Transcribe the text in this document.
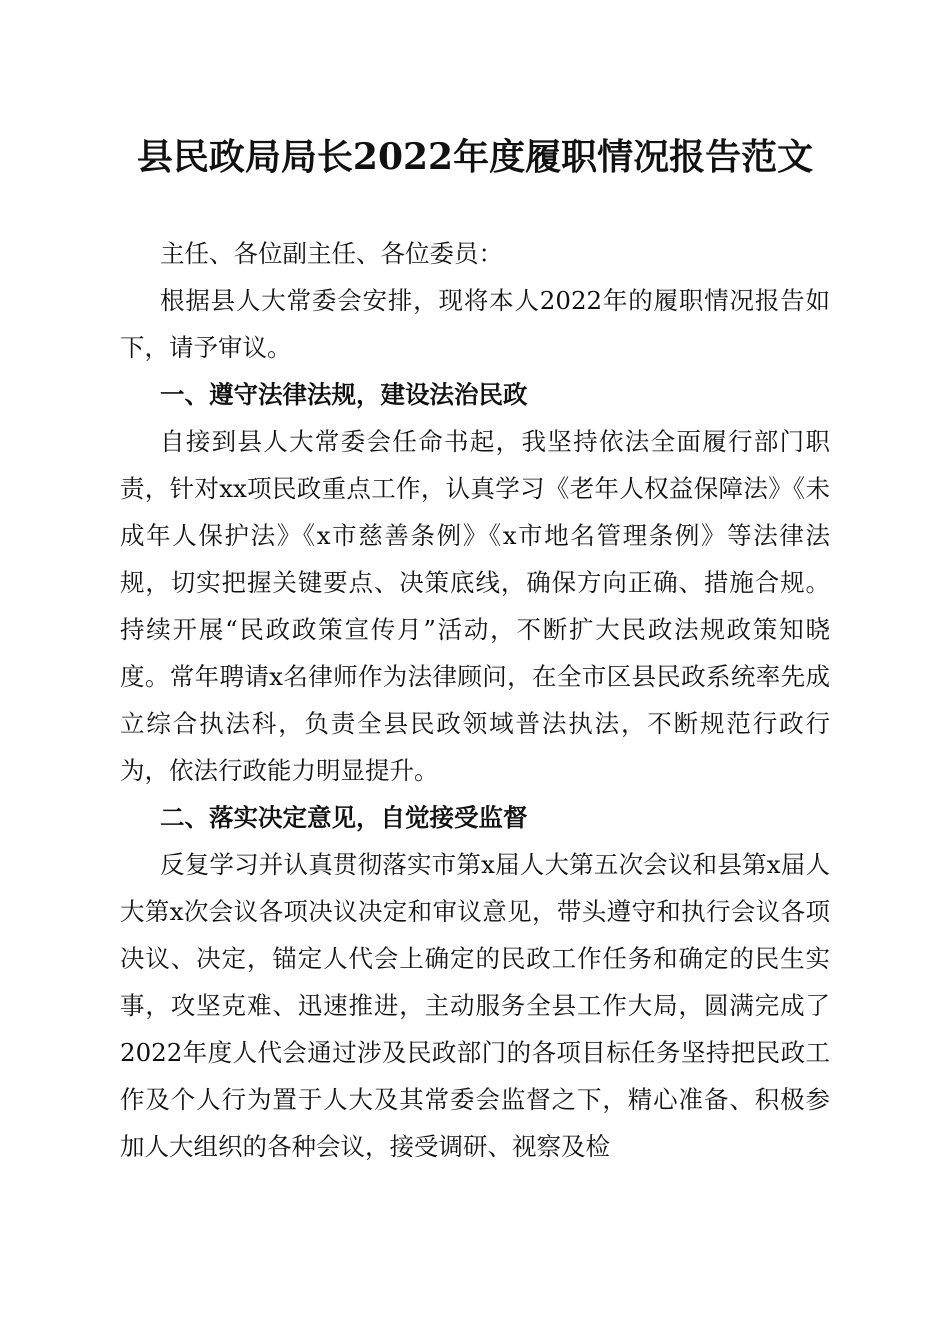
县民政局局长2022年度履职情况报告范文

主任、各位副主任、各位委员：

根据县人大常委会安排，现将本人2022年的履职情况报告如下，请予审议。

一、遵守法律法规，建设法治民政

自接到县人大常委会任命书起，我坚持依法全面履行部门职责，针对xx项民政重点工作，认真学习《老年人权益保障法》《未成年人保护法》《x市慈善条例》《x市地名管理条例》等法律法规，切实把握关键要点、决策底线，确保方向正确、措施合规。持续开展“民政政策宣传月”活动，不断扩大民政法规政策知晓度。常年聘请x名律师作为法律顾问，在全市区县民政系统率先成立综合执法科，负责全县民政领域普法执法，不断规范行政行为，依法行政能力明显提升。

二、落实决定意见，自觉接受监督

反复学习并认真贯彻落实市第x届人大第五次会议和县第x届人大第x次会议各项决议决定和审议意见，带头遵守和执行会议各项决议、决定，锚定人代会上确定的民政工作任务和确定的民生实事，攻坚克难、迅速推进，主动服务全县工作大局，圆满完成了2022年度人代会通过涉及民政部门的各项目标任务坚持把民政工作及个人行为置于人大及其常委会监督之下，精心准备、积极参加人大组织的各种会议，接受调研、视察及检
